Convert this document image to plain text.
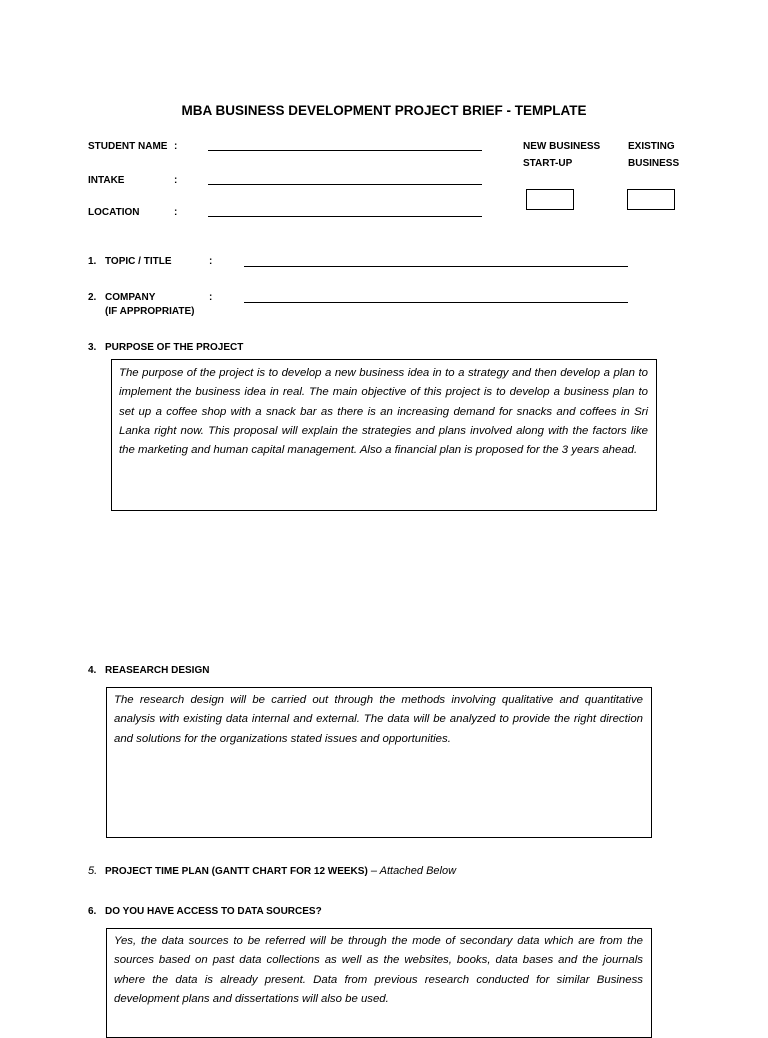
MBA BUSINESS DEVELOPMENT PROJECT BRIEF - TEMPLATE
STUDENT NAME :
INTAKE	:
LOCATION	:
NEW BUSINESS
START-UP
EXISTING
BUSINESS
1. TOPIC / TITLE	:
2. COMPANY
(IF APPROPRIATE)
:
3. PURPOSE OF THE PROJECT

The purpose of the project is to develop a new business idea in to a strategy and then develop a plan to implement the business idea in real. The main objective of this project is to develop a business plan to set up a coffee shop with a snack bar as there is an increasing demand for snacks and coffees in Sri Lanka right now. This proposal will explain the strategies and plans involved along with the factors like the marketing and human capital management. Also a financial plan is proposed for the 3 years ahead.

4. REASEARCH DESIGN

The research design will be carried out through the methods involving qualitative and quantitative analysis with existing data internal and external. The data will be analyzed to provide the right direction and solutions for the organizations stated issues and opportunities.

5. PROJECT TIME PLAN (GANTT CHART FOR 12 WEEKS) – Attached Below
6. DO YOU HAVE ACCESS TO DATA SOURCES?

Yes, the data sources to be referred will be through the mode of secondary data which are from the sources based on past data collections as well as the websites, books, data bases and the journals where the data is already present. Data from previous research conducted for similar Business development plans and dissertations will also be used.
